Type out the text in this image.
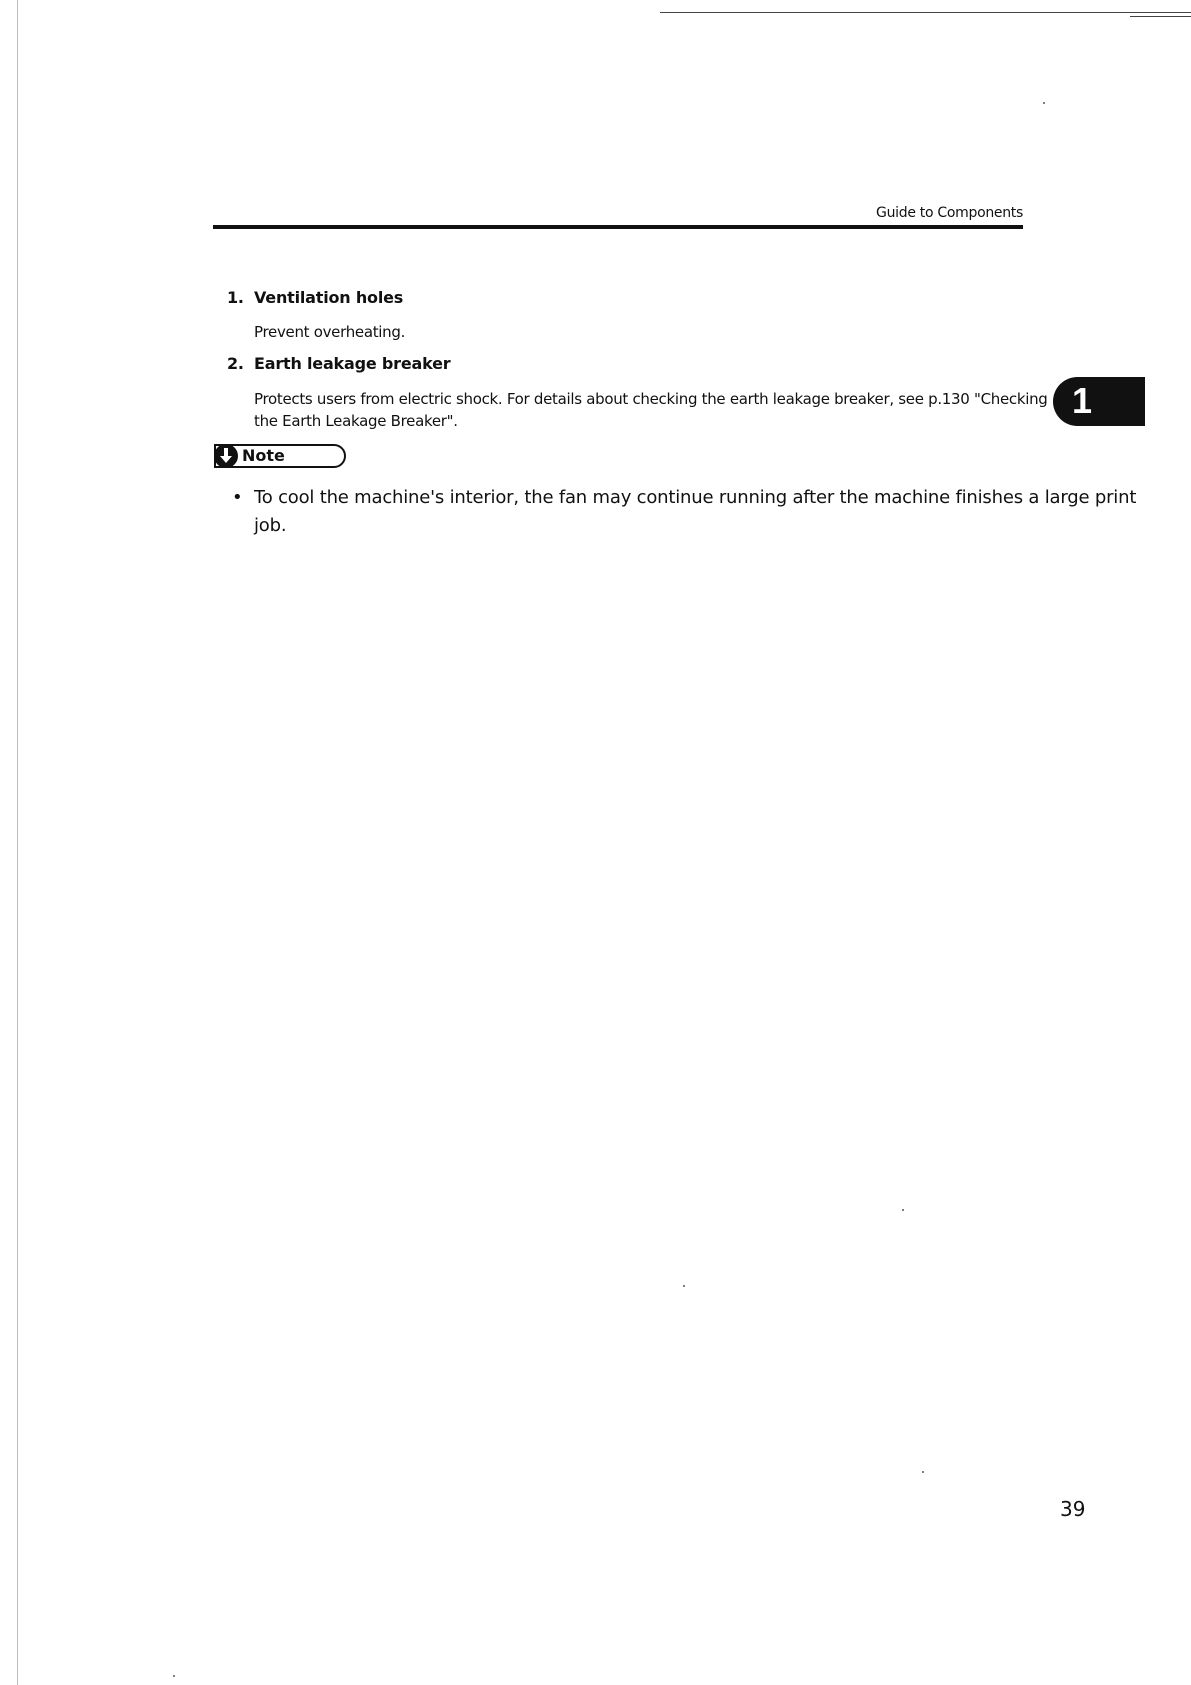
Guide to Components
1
1. Ventilation holes
Prevent overheating.
2. Earth leakage breaker
Protects users from electric shock. For details about checking the earth leakage breaker, see p.130 "Checking
the Earth Leakage Breaker".
Note
• To cool the machine's interior, the fan may continue running after the machine finishes a large print
job.
39
